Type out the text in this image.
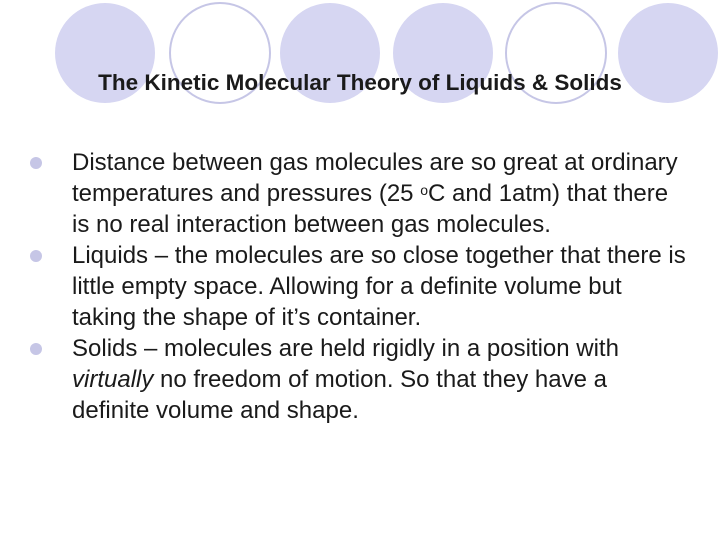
The Kinetic Molecular Theory of Liquids & Solids
Distance between gas molecules are so great at ordinary temperatures and pressures (25 $^o$C and 1atm) that there is no real interaction between gas molecules.
Liquids – the molecules are so close together that there is little empty space. Allowing for a definite volume but taking the shape of it’s container.
Solids – molecules are held rigidly in a position with virtually no freedom of motion. So that they have a definite volume and shape.
